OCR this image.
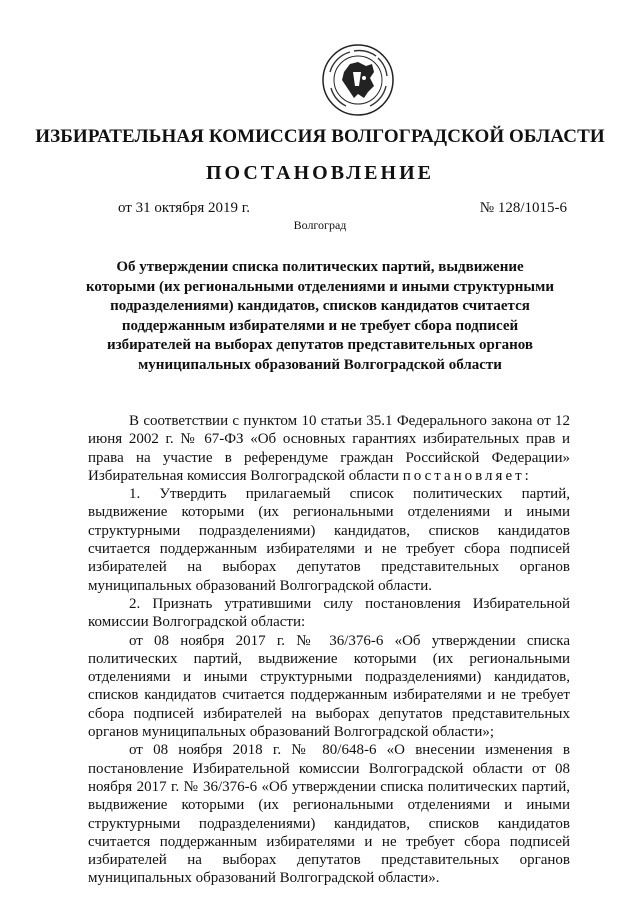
ИЗБИРАТЕЛЬНАЯ КОМИССИЯ ВОЛГОГРАДСКОЙ ОБЛАСТИ
ПОСТАНОВЛЕНИЕ
от 31 октября 2019 г.	№ 128/1015-6
Волгоград
Об утверждении списка политических партий, выдвижение которыми (их региональными отделениями и иными структурными подразделениями) кандидатов, списков кандидатов считается поддержанным избирателями и не требует сбора подписей избирателей на выборах депутатов представительных органов муниципальных образований Волгоградской области

В соответствии с пунктом 10 статьи 35.1 Федерального закона от 12 июня 2002 г. № 67-ФЗ «Об основных гарантиях избирательных прав и права на участие в референдуме граждан Российской Федерации» Избирательная комиссия Волгоградской области постановляет:

1. Утвердить прилагаемый список политических партий, выдвижение которыми (их региональными отделениями и иными структурными подразделениями) кандидатов, списков кандидатов считается поддержанным избирателями и не требует сбора подписей избирателей на выборах депутатов представительных органов муниципальных образований Волгоградской области.

2. Признать утратившими силу постановления Избирательной комиссии Волгоградской области:

от 08 ноября 2017 г. № 36/376-6 «Об утверждении списка политических партий, выдвижение которыми (их региональными отделениями и иными структурными подразделениями) кандидатов, списков кандидатов считается поддержанным избирателями и не требует сбора подписей избирателей на выборах депутатов представительных органов муниципальных образований Волгоградской области»;

от 08 ноября 2018 г. № 80/648-6 «О внесении изменения в постановление Избирательной комиссии Волгоградской области от 08 ноября 2017 г. № 36/376-6 «Об утверждении списка политических партий, выдвижение которыми (их региональными отделениями и иными структурными подразделениями) кандидатов, списков кандидатов считается поддержанным избирателями и не требует сбора подписей избирателей на выборах депутатов представительных органов муниципальных образований Волгоградской области».
